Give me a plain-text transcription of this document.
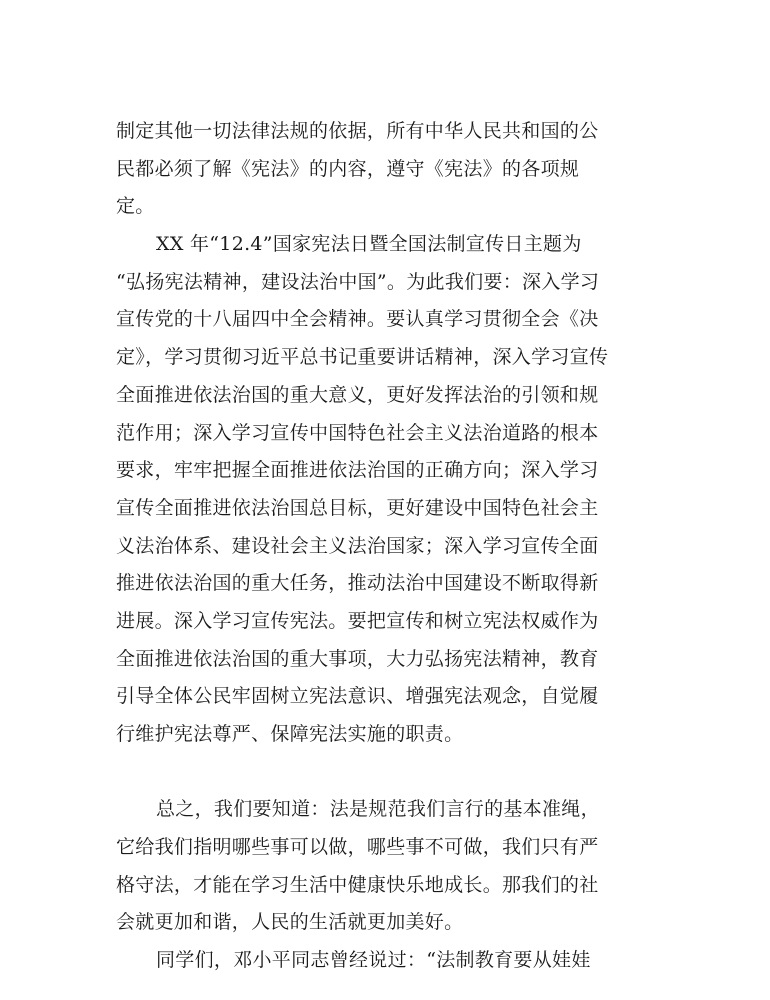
制定其他一切法律法规的依据，所有中华人民共和国的公
民都必须了解《宪法》的内容，遵守《宪法》的各项规
定。
XX 年“12.4”国家宪法日暨全国法制宣传日主题为
“弘扬宪法精神，建设法治中国”。为此我们要：深入学习
宣传党的十八届四中全会精神。要认真学习贯彻全会《决
定》，学习贯彻习近平总书记重要讲话精神，深入学习宣传
全面推进依法治国的重大意义，更好发挥法治的引领和规
范作用；深入学习宣传中国特色社会主义法治道路的根本
要求，牢牢把握全面推进依法治国的正确方向；深入学习
宣传全面推进依法治国总目标，更好建设中国特色社会主
义法治体系、建设社会主义法治国家；深入学习宣传全面
推进依法治国的重大任务，推动法治中国建设不断取得新
进展。深入学习宣传宪法。要把宣传和树立宪法权威作为
全面推进依法治国的重大事项，大力弘扬宪法精神，教育
引导全体公民牢固树立宪法意识、增强宪法观念，自觉履
行维护宪法尊严、保障宪法实施的职责。
总之，我们要知道：法是规范我们言行的基本准绳，
它给我们指明哪些事可以做，哪些事不可做，我们只有严
格守法，才能在学习生活中健康快乐地成长。那我们的社
会就更加和谐，人民的生活就更加美好。
同学们，邓小平同志曾经说过：“法制教育要从娃娃
